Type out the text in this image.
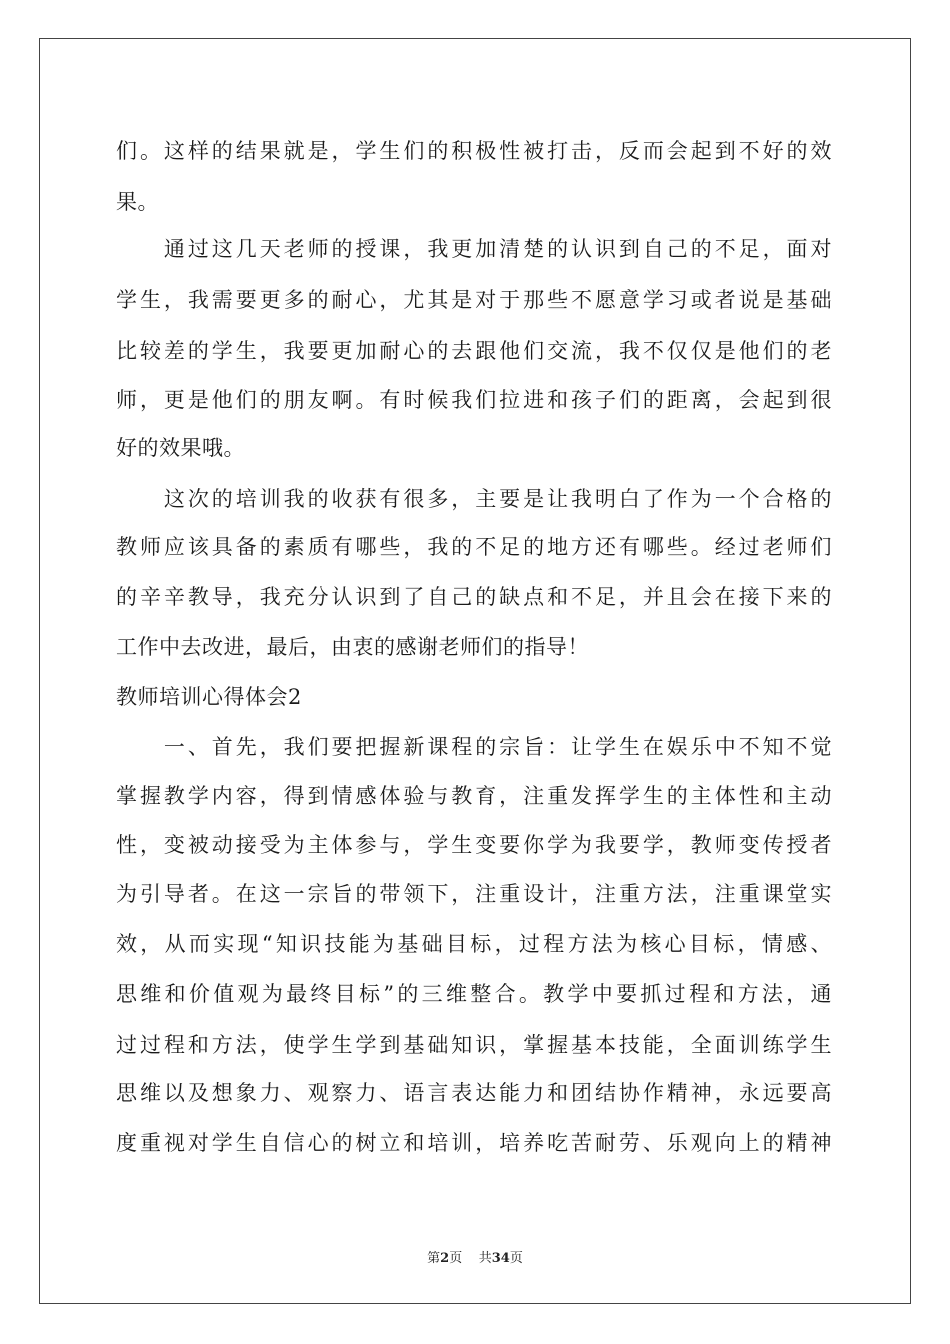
们。这样的结果就是，学生们的积极性被打击，反而会起到不好的效
果。
　　通过这几天老师的授课，我更加清楚的认识到自己的不足，面对
学生，我需要更多的耐心，尤其是对于那些不愿意学习或者说是基础
比较差的学生，我要更加耐心的去跟他们交流，我不仅仅是他们的老
师，更是他们的朋友啊。有时候我们拉进和孩子们的距离，会起到很
好的效果哦。
　　这次的培训我的收获有很多，主要是让我明白了作为一个合格的
教师应该具备的素质有哪些，我的不足的地方还有哪些。经过老师们
的辛辛教导，我充分认识到了自己的缺点和不足，并且会在接下来的
工作中去改进，最后，由衷的感谢老师们的指导！
教师培训心得体会2
　　一、首先，我们要把握新课程的宗旨：让学生在娱乐中不知不觉
掌握教学内容，得到情感体验与教育，注重发挥学生的主体性和主动
性，变被动接受为主体参与，学生变要你学为我要学，教师变传授者
为引导者。在这一宗旨的带领下，注重设计，注重方法，注重课堂实
效，从而实现“知识技能为基础目标，过程方法为核心目标，情感、
思维和价值观为最终目标”的三维整合。教学中要抓过程和方法，通
过过程和方法，使学生学到基础知识，掌握基本技能，全面训练学生
思维以及想象力、观察力、语言表达能力和团结协作精神，永远要高
度重视对学生自信心的树立和培训，培养吃苦耐劳、乐观向上的精神
第2页 共34页
